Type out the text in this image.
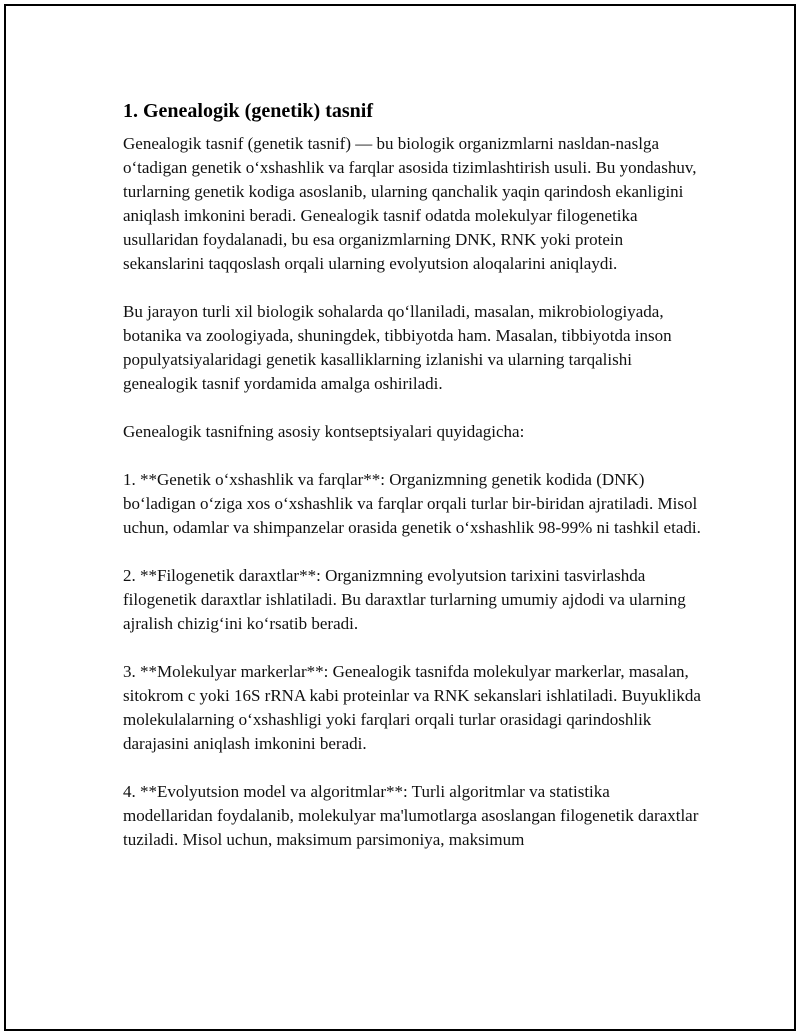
1. Genealogik (genetik) tasnif

Genealogik tasnif (genetik tasnif) — bu biologik organizmlarni nasldan-naslga oʻtadigan genetik oʻxshashlik va farqlar asosida tizimlashtirish usuli. Bu yondashuv, turlarning genetik kodiga asoslanib, ularning qanchalik yaqin qarindosh ekanligini aniqlash imkonini beradi. Genealogik tasnif odatda molekulyar filogenetika usullaridan foydalanadi, bu esa organizmlarning DNK, RNK yoki protein sekanslarini taqqoslash orqali ularning evolyutsion aloqalarini aniqlaydi.

Bu jarayon turli xil biologik sohalarda qoʻllaniladi, masalan, mikrobiologiyada, botanika va zoologiyada, shuningdek, tibbiyotda ham. Masalan, tibbiyotda inson populyatsiyalaridagi genetik kasalliklarning izlanishi va ularning tarqalishi genealogik tasnif yordamida amalga oshiriladi.

Genealogik tasnifning asosiy kontseptsiyalari quyidagicha:

1. **Genetik oʻxshashlik va farqlar**: Organizmning genetik kodida (DNK) boʻladigan oʻziga xos oʻxshashlik va farqlar orqali turlar bir-biridan ajratiladi. Misol uchun, odamlar va shimpanzelar orasida genetik oʻxshashlik 98-99% ni tashkil etadi.

2. **Filogenetik daraxtlar**: Organizmning evolyutsion tarixini tasvirlashda filogenetik daraxtlar ishlatiladi. Bu daraxtlar turlarning umumiy ajdodi va ularning ajralish chizigʻini koʻrsatib beradi.

3. **Molekulyar markerlar**: Genealogik tasnifda molekulyar markerlar, masalan, sitokrom c yoki 16S rRNA kabi proteinlar va RNK sekanslari ishlatiladi. Buyuklikda molekulalarning oʻxshashligi yoki farqlari orqali turlar orasidagi qarindoshlik darajasini aniqlash imkonini beradi.

4. **Evolyutsion model va algoritmlar**: Turli algoritmlar va statistika modellaridan foydalanib, molekulyar ma'lumotlarga asoslangan filogenetik daraxtlar tuziladi. Misol uchun, maksimum parsimoniya, maksimum
